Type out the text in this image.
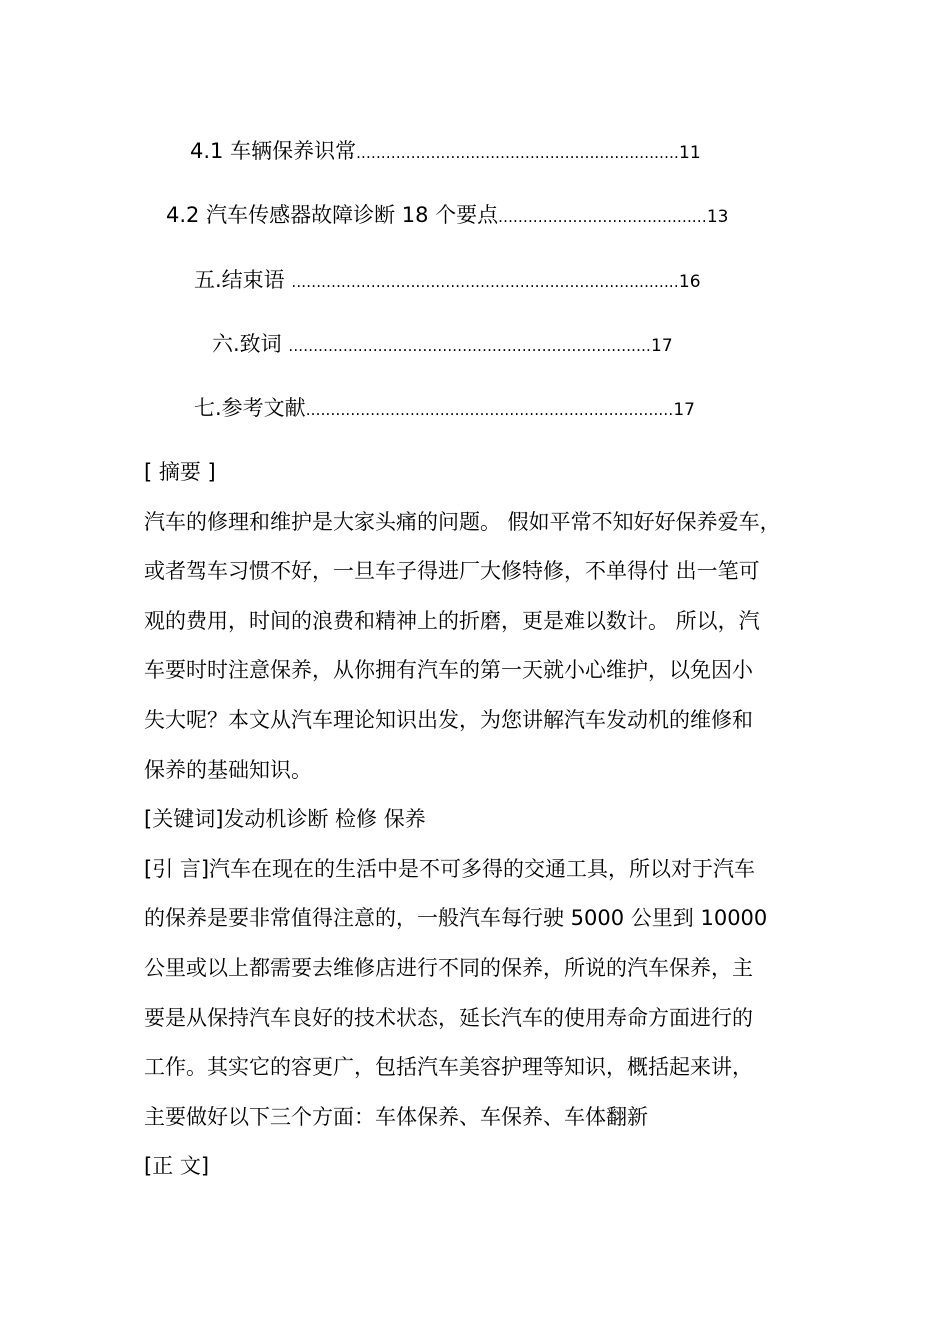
4.1 车辆保养识常.................................................................11
4.2 汽车传感器故障诊断 18 个要点..........................................13
五.结束语 ..............................................................................16
六.致词 .........................................................................17
七.参考文献..........................................................................17
[ 摘要 ]
汽车的修理和维护是大家头痛的问题。 假如平常不知好好保养爱车，
或者驾车习惯不好，一旦车子得进厂大修特修，不单得付 出一笔可
观的费用，时间的浪费和精神上的折磨，更是难以数计。 所以，汽
车要时时注意保养，从你拥有汽车的第一天就小心维护，以免因小
失大呢？本文从汽车理论知识出发，为您讲解汽车发动机的维修和
保养的基础知识。
[关键词]发动机诊断 检修 保养
[引 言]汽车在现在的生活中是不可多得的交通工具，所以对于汽车
的保养是要非常值得注意的，一般汽车每行驶 5000 公里到 10000
公里或以上都需要去维修店进行不同的保养，所说的汽车保养，主
要是从保持汽车良好的技术状态，延长汽车的使用寿命方面进行的
工作。其实它的容更广，包括汽车美容护理等知识，概括起来讲，
主要做好以下三个方面：车体保养、车保养、车体翻新
[正 文]
